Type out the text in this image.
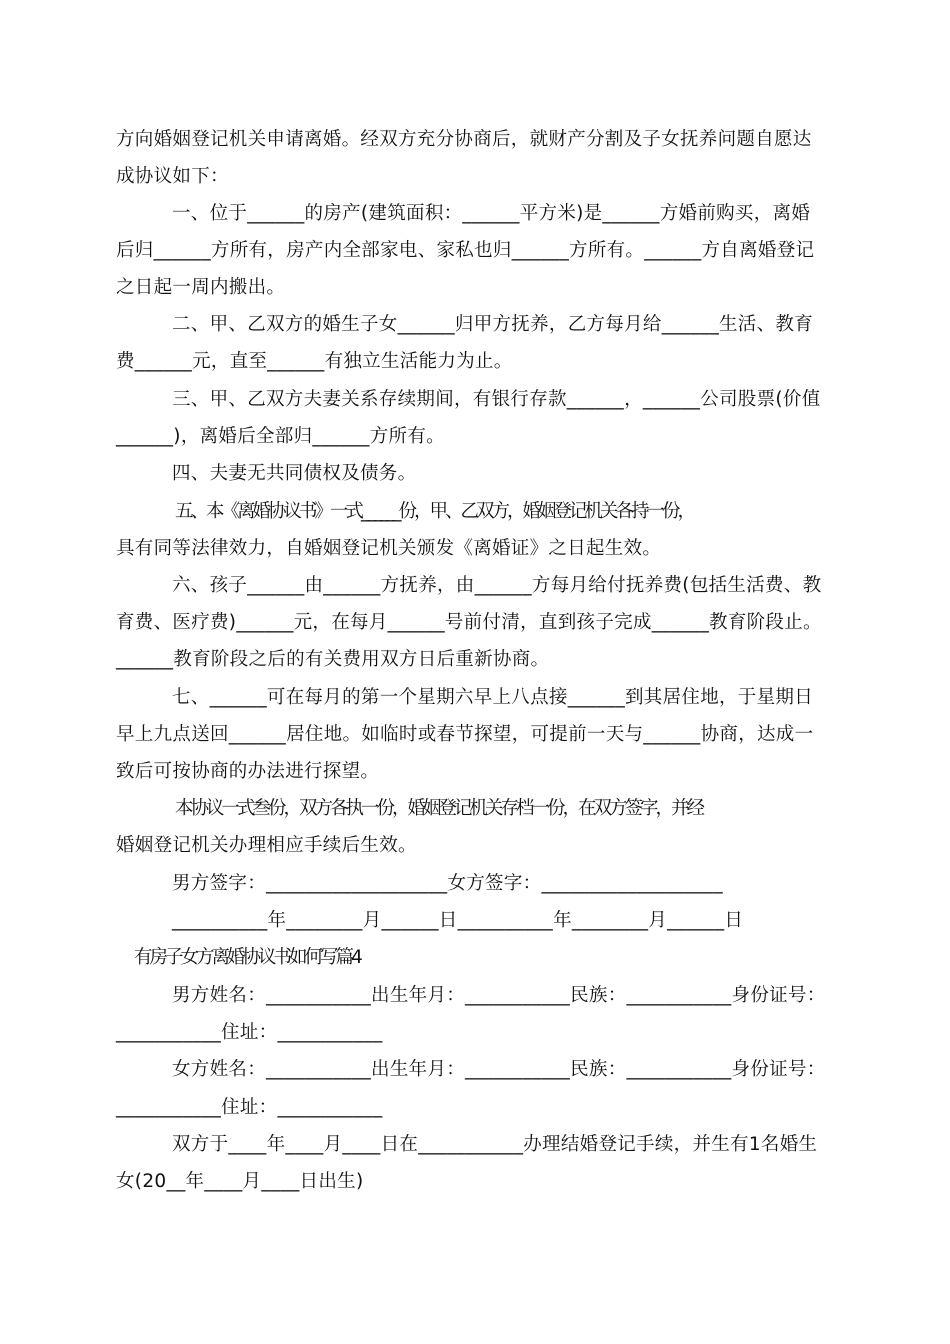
方向婚姻登记机关申请离婚。经双方充分协商后，就财产分割及子女抚养问题自愿达
成协议如下：
一、位于______的房产(建筑面积：______平方米)是______方婚前购买，离婚
后归______方所有，房产内全部家电、家私也归______方所有。______方自离婚登记
之日起一周内搬出。
二、甲、乙双方的婚生子女______归甲方抚养，乙方每月给______生活、教育
费______元，直至______有独立生活能力为止。
三、甲、乙双方夫妻关系存续期间，有银行存款______，______公司股票(价值
______)，离婚后全部归______方所有。
四、夫妻无共同债权及债务。
五、本《离婚协议书》一式______份，甲、乙双方，婚姻登记机关各持一份，
具有同等法律效力，自婚姻登记机关颁发《离婚证》之日起生效。
六、孩子______由______方抚养，由______方每月给付抚养费(包括生活费、教
育费、医疗费)______元，在每月______号前付清，直到孩子完成______教育阶段止。
______教育阶段之后的有关费用双方日后重新协商。
七、______可在每月的第一个星期六早上八点接______到其居住地，于星期日
早上九点送回______居住地。如临时或春节探望，可提前一天与______协商，达成一
致后可按协商的办法进行探望。
本协议一式叁份，双方各执一份，婚姻登记机关存档一份，在双方签字，并经
婚姻登记机关办理相应手续后生效。
男方签字：___________________女方签字：___________________
__________年________月______日__________年________月______日
有房子女方离婚协议书如何写篇4
男方姓名：___________出生年月：___________民族：___________身份证号：
___________住址：___________
女方姓名：___________出生年月：___________民族：___________身份证号：
___________住址：___________
双方于____年____月____日在___________办理结婚登记手续，并生有1名婚生
女(20__年____月____日出生)
